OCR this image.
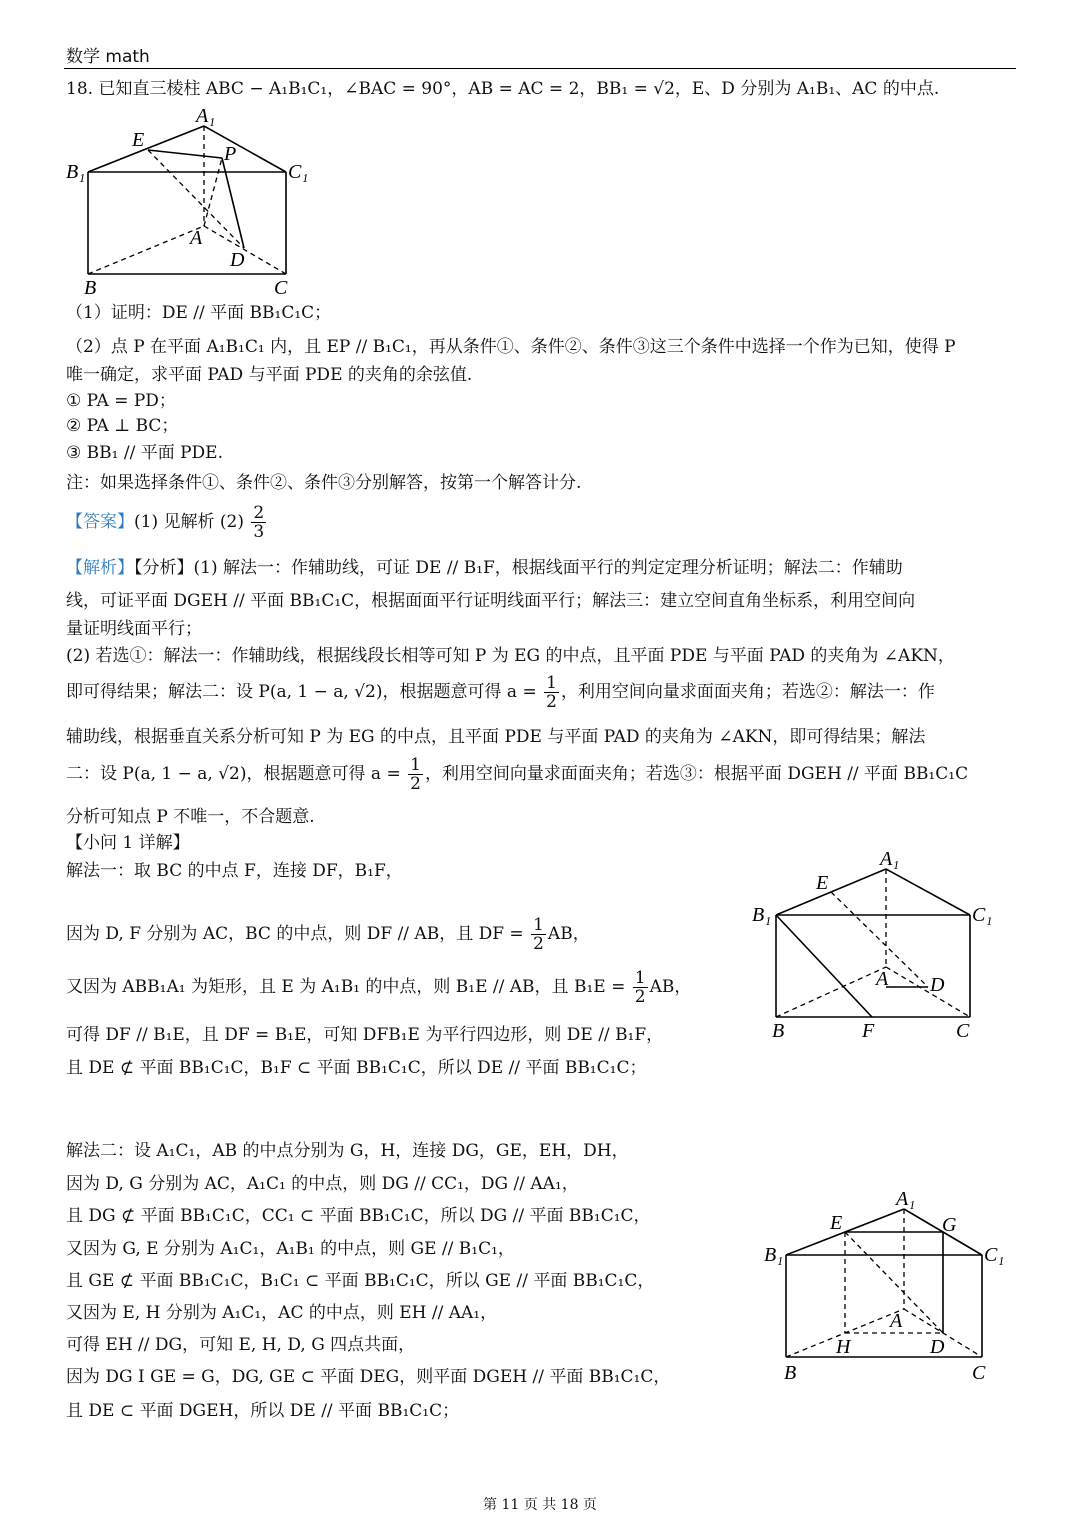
数学 math
18. 已知直三棱柱 ABC − A₁B₁C₁，∠BAC = 90°，AB = AC = 2，BB₁ = √2，E、D 分别为 A₁B₁、AC 的中点.
A₁
E
P
B₁	C₁
A
D
B	C
（1）证明：DE // 平面 BB₁C₁C；
（2）点 P 在平面 A₁B₁C₁ 内，且 EP // B₁C₁，再从条件①、条件②、条件③这三个条件中选择一个作为已知，使得 P
唯一确定，求平面 PAD 与平面 PDE 的夹角的余弦值.
① PA = PD；
② PA ⊥ BC；
③ BB₁ // 平面 PDE.
注：如果选择条件①、条件②、条件③分别解答，按第一个解答计分.
【答案】(1) 见解析 $(2) \frac{2}{3}$
【解析】【分析】(1) 解法一：作辅助线，可证 DE // B₁F，根据线面平行的判定定理分析证明；解法二：作辅助
线，可证平面 DGEH // 平面 BB₁C₁C，根据面面平行证明线面平行；解法三：建立空间直角坐标系，利用空间向
量证明线面平行；
(2) 若选①：解法一：作辅助线，根据线段长相等可知 P 为 EG 的中点，且平面 PDE 与平面 PAD 的夹角为 ∠AKN，
即可得结果；解法二：设 P(a, 1 − a, √2)，根据题意可得 $a = \frac{1}{2}$ ，利用空间向量求面面夹角；若选②：解法一：作
辅助线，根据垂直关系分析可知 P 为 EG 的中点，且平面 PDE 与平面 PAD 的夹角为 ∠AKN，即可得结果；解法
二：设 P(a, 1 − a, √2)，根据题意可得 $a = \frac{1}{2}$ ，利用空间向量求面面夹角；若选③：根据平面 DGEH // 平面 BB₁C₁C
分析可知点 P 不唯一，不合题意.
【小问 1 详解】
解法一：取 BC 的中点 F，连接 DF，B₁F，
因为 D, F 分别为 AC，BC 的中点，则 DF // AB，且 DF = $\frac{1}{2}$ AB，
又因为 ABB₁A₁ 为矩形，且 E 为 A₁B₁ 的中点，则 B₁E // AB，且 $B_1E = \frac{1}{2}$ AB，
可得 DF // B₁E，且 DF = B₁E，可知 DFB₁E 为平行四边形，则 DE // B₁F，
且 DE ⊄ 平面 BB₁C₁C，B₁F ⊂ 平面 BB₁C₁C，所以 DE // 平面 BB₁C₁C；
A₁
E
B₁	C₁
A D
B	F	C
解法二：设 A₁C₁，AB 的中点分别为 G，H，连接 DG，GE，EH，DH，
因为 D, G 分别为 AC，A₁C₁ 的中点，则 DG // CC₁，DG // AA₁，
且 DG ⊄ 平面 BB₁C₁C，CC₁ ⊂ 平面 BB₁C₁C，所以 DG // 平面 BB₁C₁C，
又因为 G, E 分别为 A₁C₁，A₁B₁ 的中点，则 GE // B₁C₁，
且 GE ⊄ 平面 BB₁C₁C，B₁C₁ ⊂ 平面 BB₁C₁C，所以 GE // 平面 BB₁C₁C，
又因为 E, H 分别为 A₁C₁，AC 的中点，则 EH // AA₁，
可得 EH // DG，可知 E, H, D, G 四点共面，
因为 DG I GE = G，DG, GE ⊂ 平面 DEG，则平面 DGEH // 平面 BB₁C₁C，
且 DE ⊂ 平面 DGEH，所以 DE // 平面 BB₁C₁C；
A₁
E	G
B₁	C₁
A
H	D
B	C
第 11 页 共 18 页
